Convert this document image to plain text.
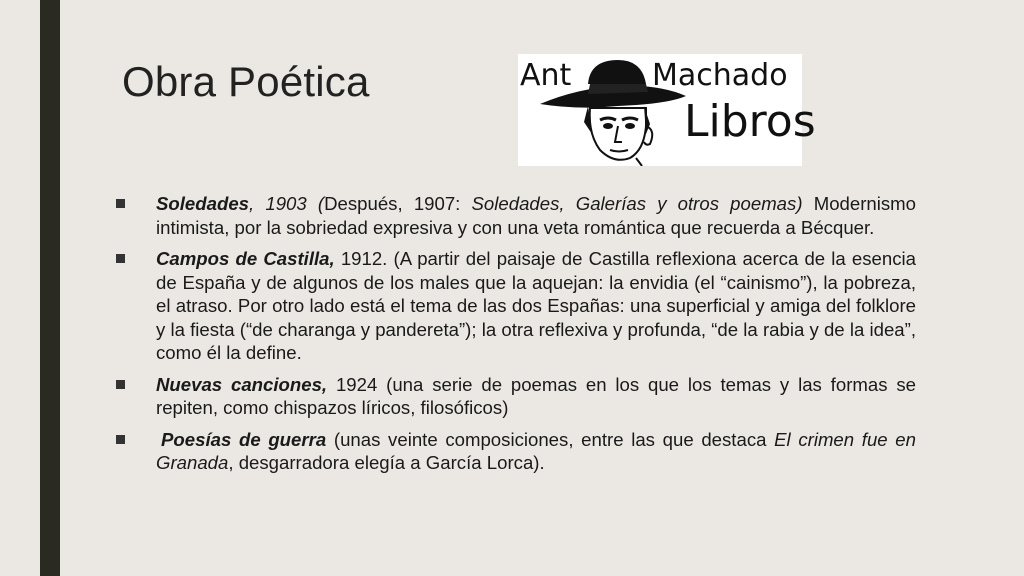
Obra Poética	Ant	Machado
Libros
Soledades, 1903 (Después, 1907: Soledades, Galerías y otros poemas) Modernismo intimista, por la sobriedad expresiva y con una veta romántica que recuerda a Bécquer.
Campos de Castilla, 1912. (A partir del paisaje de Castilla reflexiona acerca de la esencia de España y de algunos de los males que la aquejan: la envidia (el “cainismo”), la pobreza, el atraso. Por otro lado está el tema de las dos Españas: una superficial y amiga del folklore y la fiesta (“de charanga y pandereta”); la otra reflexiva y profunda, “de la rabia y de la idea”, como él la define.
Nuevas canciones, 1924 (una serie de poemas en los que los temas y las formas se repiten, como chispazos líricos, filosóficos)
Poesías de guerra (unas veinte composiciones, entre las que destaca El crimen fue en Granada, desgarradora elegía a García Lorca).
